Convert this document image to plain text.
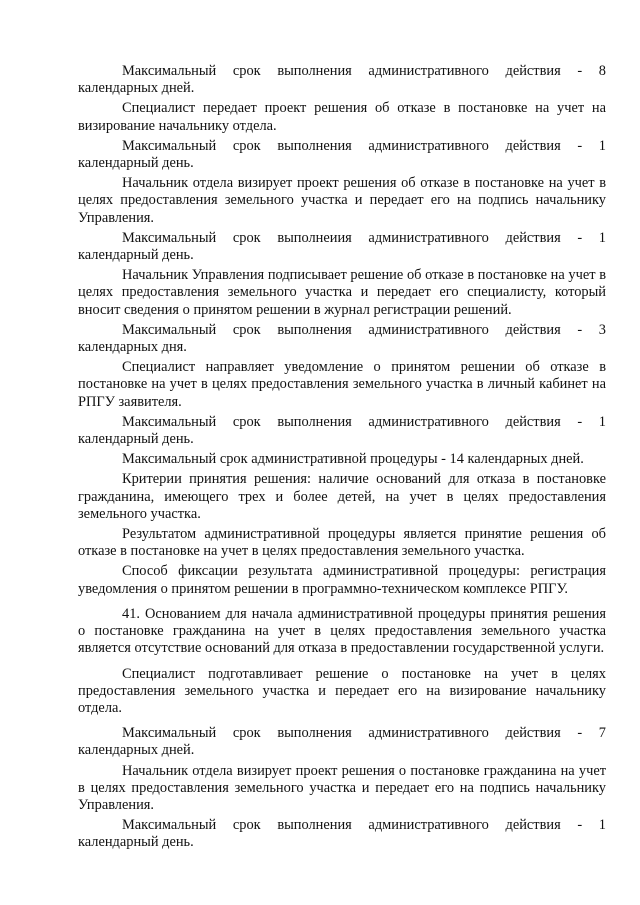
Максимальный срок выполнения административного действия - 8 календарных дней.

Специалист передает проект решения об отказе в постановке на учет на визирование начальнику отдела.

Максимальный срок выполнения административного действия - 1 календарный день.

Начальник отдела визирует проект решения об отказе в постановке на учет в целях предоставления земельного участка и передает его на подпись начальнику Управления.

Максимальный срок выполнеиия административного действия - 1 календарный день.

Начальник Управления подписывает решение об отказе в постановке на учет в целях предоставления земельного участка и передает его специалисту, который вносит сведения о принятом решении в журнал регистрации решений.

Максимальный срок выполнения административного действия - 3 календарных дня.

Специалист направляет уведомление о принятом решении об отказе в постановке на учет в целях предоставления земельного участка в личный кабинет на РПГУ заявителя.

Максимальный срок выполнения административного действия - 1 календарный день.

Максимальный срок административной процедуры - 14 календарных дней.

Критерии принятия решения: наличие оснований для отказа в постановке гражданина, имеющего трех и более детей, на учет в целях предоставления земельного участка.

Результатом административной процедуры является принятие решения об отказе в постановке на учет в целях предоставления земельного участка.

Способ фиксации результата административной процедуры: регистрация уведомления о принятом решении в программно-техническом комплексе РПГУ.

41. Основанием для начала административной процедуры принятия решения о постановке гражданина на учет в целях предоставления земельного участка является отсутствие оснований для отказа в предоставлении государственной услуги.

Специалист подготавливает решение о постановке на учет в целях предоставления земельного участка и передает его на визирование начальнику отдела.

Максимальный срок выполнения административного действия - 7 календарных дней.

Начальник отдела визирует проект решения о постановке гражданина на учет в целях предоставления земельного участка и передает его на подпись начальнику Управления.

Максимальный срок выполнения административного действия - 1 календарный день.
